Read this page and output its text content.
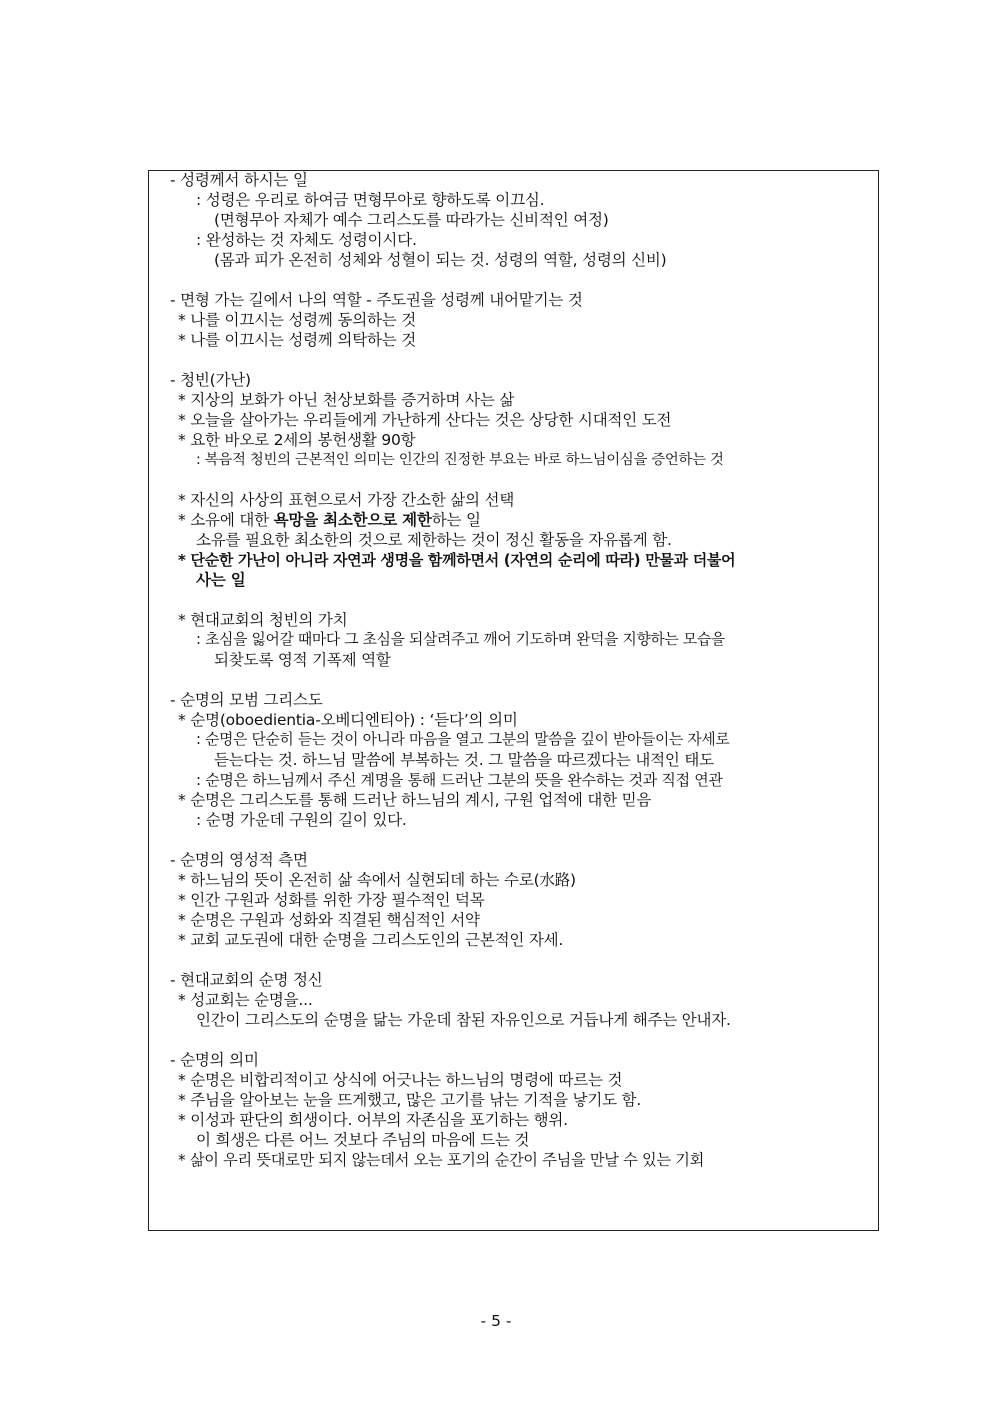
- 성령께서 하시는 일
: 성령은 우리로 하여금 면형무아로 향하도록 이끄심.
(면형무아 자체가 예수 그리스도를 따라가는 신비적인 여정)
: 완성하는 것 자체도 성령이시다.
(몸과 피가 온전히 성체와 성혈이 되는 것. 성령의 역할, 성령의 신비)
- 면형 가는 길에서 나의 역할 - 주도권을 성령께 내어맡기는 것
* 나를 이끄시는 성령께 동의하는 것
* 나를 이끄시는 성령께 의탁하는 것
- 청빈(가난)
* 지상의 보화가 아닌 천상보화를 증거하며 사는 삶
* 오늘을 살아가는 우리들에게 가난하게 산다는 것은 상당한 시대적인 도전
* 요한 바오로 2세의 봉헌생활 90항
: 복음적 청빈의 근본적인 의미는 인간의 진정한 부요는 바로 하느님이심을 증언하는 것
* 자신의 사상의 표현으로서 가장 간소한 삶의 선택
* 소유에 대한 욕망을 최소한으로 제한하는 일
소유를 필요한 최소한의 것으로 제한하는 것이 정신 활동을 자유롭게 함.
* 단순한 가난이 아니라 자연과 생명을 함께하면서 (자연의 순리에 따라) 만물과 더불어
사는 일
* 현대교회의 청빈의 가치
: 초심을 잃어갈 때마다 그 초심을 되살려주고 깨어 기도하며 완덕을 지향하는 모습을
되찾도록 영적 기폭제 역할
- 순명의 모범 그리스도
* 순명(oboedientia-오베디엔티아) : ‘듣다’의 의미
: 순명은 단순히 듣는 것이 아니라 마음을 열고 그분의 말씀을 깊이 받아들이는 자세로
듣는다는 것. 하느님 말씀에 부복하는 것. 그 말씀을 따르겠다는 내적인 태도
: 순명은 하느님께서 주신 계명을 통해 드러난 그분의 뜻을 완수하는 것과 직접 연관
* 순명은 그리스도를 통해 드러난 하느님의 계시, 구원 업적에 대한 믿음
: 순명 가운데 구원의 길이 있다.
- 순명의 영성적 측면
* 하느님의 뜻이 온전히 삶 속에서 실현되데 하는 수로(水路)
* 인간 구원과 성화를 위한 가장 필수적인 덕목
* 순명은 구원과 성화와 직결된 핵심적인 서약
* 교회 교도권에 대한 순명을 그리스도인의 근본적인 자세.
- 현대교회의 순명 정신
* 성교회는 순명을...
인간이 그리스도의 순명을 닮는 가운데 참된 자유인으로 거듭나게 해주는 안내자.
- 순명의 의미
* 순명은 비합리적이고 상식에 어긋나는 하느님의 명령에 따르는 것
* 주님을 알아보는 눈을 뜨게했고, 많은 고기를 낚는 기적을 낳기도 함.
* 이성과 판단의 희생이다. 어부의 자존심을 포기하는 행위.
이 희생은 다른 어느 것보다 주님의 마음에 드는 것
* 삶이 우리 뜻대로만 되지 않는데서 오는 포기의 순간이 주님을 만날 수 있는 기회
- 5 -
